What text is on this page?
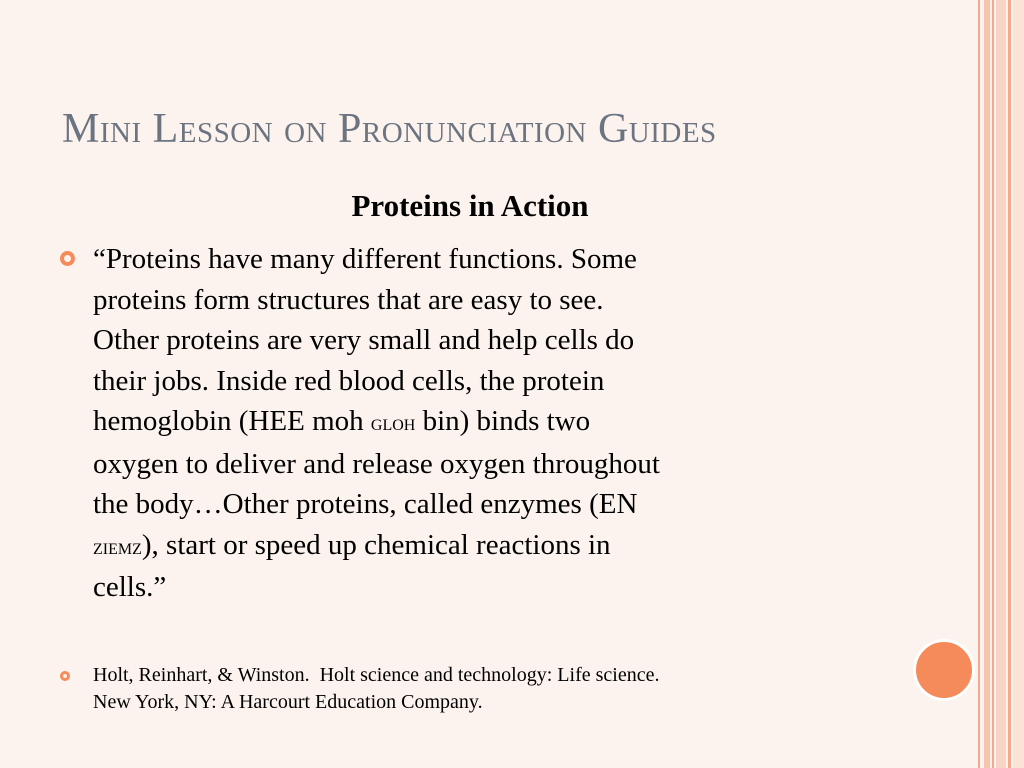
Mini Lesson on Pronunciation Guides
Proteins in Action
“Proteins have many different functions. Some
proteins form structures that are easy to see.
Other proteins are very small and help cells do
their jobs. Inside red blood cells, the protein
hemoglobin (HEE moh gloh bin) binds two
oxygen to deliver and release oxygen throughout
the body…Other proteins, called enzymes (EN
ziemz), start or speed up chemical reactions in
cells.”
Holt, Reinhart, & Winston.  Holt science and technology: Life science.
New York, NY: A Harcourt Education Company.
